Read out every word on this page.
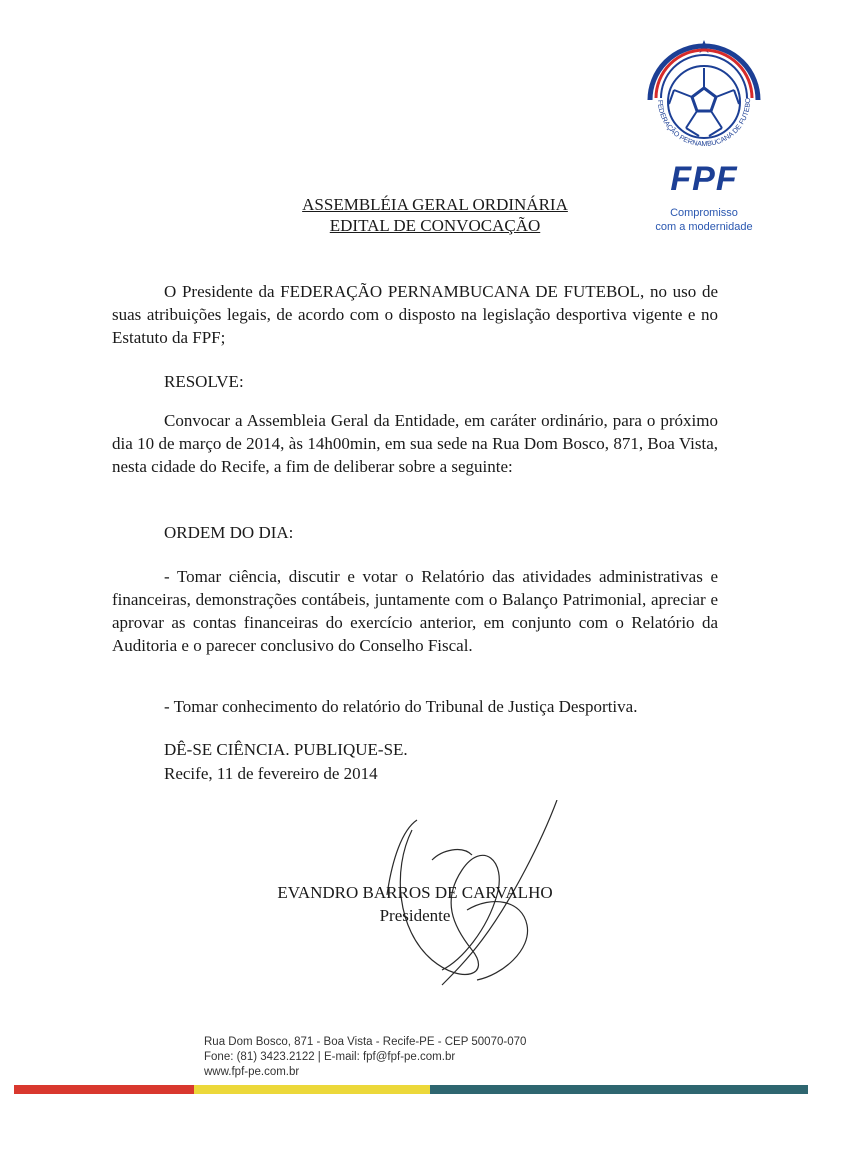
FEDERAÇÃO PERNAMBUCANA DE FUTEBO
FPF
Compromisso
com a modernidade
ASSEMBLÉIA GERAL ORDINÁRIA
EDITAL DE CONVOCAÇÃO

O Presidente da FEDERAÇÃO PERNAMBUCANA DE FUTEBOL, no uso de suas atribuições legais, de acordo com o disposto na legislação desportiva vigente e no Estatuto da FPF;

RESOLVE:

Convocar a Assembleia Geral da Entidade, em caráter ordinário, para o próximo dia 10 de março de 2014, às 14h00min, em sua sede na Rua Dom Bosco, 871, Boa Vista, nesta cidade do Recife, a fim de deliberar sobre a seguinte:

ORDEM DO DIA:

- Tomar ciência, discutir e votar o Relatório das atividades administrativas e financeiras, demonstrações contábeis, juntamente com o Balanço Patrimonial, apreciar e aprovar as contas financeiras do exercício anterior, em conjunto com o Relatório da Auditoria e o parecer conclusivo do Conselho Fiscal.

- Tomar conhecimento do relatório do Tribunal de Justiça Desportiva.
DÊ-SE CIÊNCIA. PUBLIQUE-SE.
Recife, 11 de fevereiro de 2014
EVANDRO BARROS DE CARVALHO
Presidente
Rua Dom Bosco, 871 - Boa Vista - Recife-PE - CEP 50070-070
Fone: (81) 3423.2122 | E-mail: fpf@fpf-pe.com.br
www.fpf-pe.com.br
